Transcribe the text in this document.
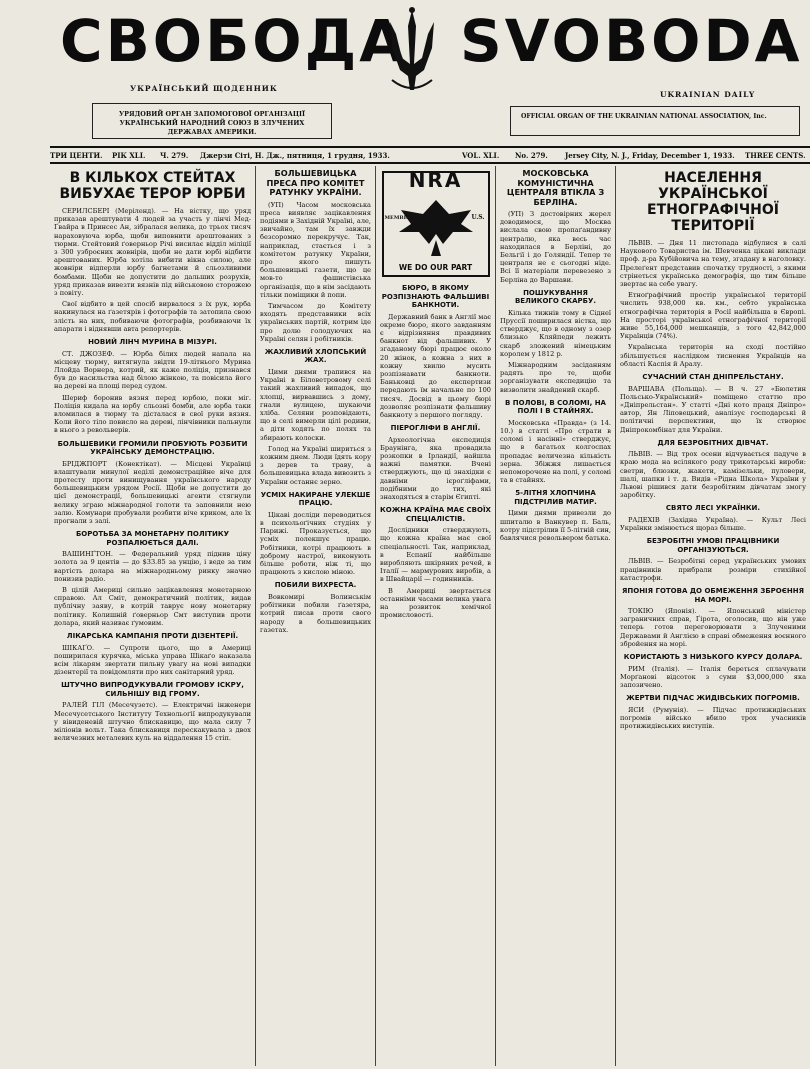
СВОБОДА SVOBODA
УКРАЇНСЬКИЙ ЩОДЕННИК
UKRAINIAN DAILY
УРЯДОВИЙ ОРГАН ЗАПОМОГОВОЇ ОРГАНІЗАЦІЇ УКРАЇНСЬКИЙ НАРОДНИЙ СОЮЗ В ЗЛУЧЕНИХ ДЕРЖАВАХ АМЕРИКИ.
OFFICIAL ORGAN OF THE UKRAINIAN NATIONAL ASSOCIATION, Inc.
ТРИ ЦЕНТИ. РІК XLI. Ч. 279. Джерзи Сіті, Н. Дж., пятниця, 1 грудня, 1933.	VOL. XLI. No. 279. Jersey City, N. J., Friday, December 1, 1933. THREE CENTS.
В КІЛЬКОХ СТЕЙТАХ ВИБУХАЄ ТЕРОР ЮРБИ

СЕРИЛСБЕРІ (Меріленд). — На вістку, що уряд приказав арештувати 4 людей за участь у лінчі Мед-Ґвайра в Принсес Ан, зібралася велика, до трьох тисяч нараховуюча юрба, щоби виповнити арештованих з тюрми. Стейтовий ґоверньор Річі висилає відділ міліції з 300 узброєних жовнірів, щоби не дати юрбі відбити арештованих. Юрба хотіла вибити вікна силою, але жовніри відперли юрбу багнетами й сльозливими бомбами. Щоби не допустити до дальших розрухів, уряд приказав вивезти вязнів під військовою сторожею з повіту.

Свої відбито в цей спосіб вирвалося з їх рук, юрба накинулася на ґазетярів і фотографів та затопила свою злість на них, побиваючи фотографів, розбиваючи їх апарати і віднявши авта репортерів.

НОВИЙ ЛІНЧ МУРИНА В МІЗУРІ.

СТ. ДЖОЗЕФ. — Юрба білих людей напала на місцеву тюрму, витягнула звідти 19-літнього Мурина Ллойда Ворнера, котрий, як каже поліція, признався був до насильства над білою жінкою, та повісила його на дереві на площі перед судом.

Шериф боронив вязня перед юрбою, поки міг. Поліція кидала на юрбу сльозні бомби, але юрба таки вломилася в тюрму та дісталася в свої руки вязня. Коли його тіло повисло на дереві, лінчівники пальнули в нього з револьверів.

БОЛЬШЕВИКИ ГРОМИЛИ ПРОБУЮТЬ РОЗБИТИ УКРАЇНСЬКУ ДЕМОНСТРАЦІЮ.

БРІДЖПОРТ (Конектікат). — Місцеві Українці влаштували минулої неділі демонстраційне віче для протесту проти винищування українського народу большевицьким урядом Росії. Щоби не допустити до цієї демонстрації, большевицькі агенти стягнули велику зграю міжнародної голоти та заповнили нею залю. Комунари пробували розбити віче криком, але їх прогнали з залі.

БОРОТЬБА ЗА МОНЕТАРНУ ПОЛІТИКУ РОЗПАЛЮЄТЬСЯ ДАЛІ.

ВАШИНҐТОН. — Федеральний уряд піднив ціну золота за 9 центів — до $33.85 за унцію, і веде за тим вартість долара на міжнародньому ринку значно понизив радіо.

В цілій Америці сильно зацікавлення монетарною справою. Ал Сміт, демократичний політик, видав публічну заяву, в котрій таврує нову монетарну політику. Колишній ґоверньор Смт виступив проти долара, який називає ґумовим.

ЛІКАРСЬКА КАМПАНІЯ ПРОТИ ДІЗЕНТЕРІЇ.

ШІКАҐО. — Супроти цього, що в Америці поширилася курячка, міська управа Шікаґо наказала всім лікарям звертати пильну увагу на нові випадки дізентерії та повідомляти про них санітарний уряд.

ШТУЧНО ВИПРОДУКУВАЛИ ГРОМОВУ ІСКРУ, СИЛЬНІШУ ВІД ГРОМУ.

РАЛЕЙ ГІЛ (Месечузетс). — Електричні інженери Месечусетського Інституту Технольоґії випродукували у вівиденевій штучно блискавицю, що мала силу 7 міліонів вольт. Така блискавиця перескакувала з двох величезних металевих куль на віддалення 15 стіп.

БОЛЬШЕВИЦЬКА ПРЕСА ПРО КОМІТЕТ РАТУНКУ УКРАЇНИ.

(УП) Часом московська преса виявляє зацікавлення подіями в Західній Україні, але, звичайно, там їх завжди безсоромно перекручує. Так, наприклад, стається і з комітетом ратунку України, про якого пишуть большевицькі газети, що це мов-то фашистівська організація, що в нім засідають тільки поміщики й попи.

Тимчасом до Комітету входять представники всіх українських партій, котрим іде про долю голодуючих на Україні селян і робітників.

ЖАХЛИВИЙ ХЛОПСЬКИЙ ЖАХ.

Цими днями трапився на Україні в Біловетровому селі такий жахливий випадок, що хлопці, вирвавшись з дому, гнали вулицею, шукаючи хліба. Селяни розповідають, що в селі вимерли цілі родини, а діти ходять по полях та збирають колоски.

Голод на Україні шириться з кожним днем. Люди їдять кору з дерев та траву, а большевицька влада вивозить з України останнє зерно.

УСМІХ НАКИРАНЕ УЛЕКШЕ ПРАЦЮ.

Цікаві досліди переводиться в психольоґічних студіях у Парижі. Проказується, що усміх полекшує працю. Робітники, котрі працюють в доброму настрої, виконують більше роботи, ніж ті, що працюють з кислою міною.

ПОБИЛИ ВИХРЕСТА.

Вовкомирі Волинськім робітники побили ґазетяра, котрий писав проти свого народу в большевицьких газетах.

NRA
MEMBER	U.S.
WE DO OUR PART
БЮРО, В ЯКОМУ РОЗПІЗНАЮТЬ ФАЛЬШИВІ БАНКНОТИ.

Державний банк в Англії має окреме бюро, якого завданням є відрізняння правдивих банкнот від фальшивих. У згаданому бюрі працює около 20 жінок, а кожна з них в кожну хвилю мусить розпізнавати банкноти. Баньковці до експертизи передають їм начальне по 100 тисяч. Досвід в цьому бюрі дозволяє розпізнати фальшиву банкноту з першого погляду.

ПІЕРОГЛІФИ В АНГЛІЇ.

Археологічна експедиція Браунінга, яка провадила розкопки в Ірландії, найшла важні памятки. Вчені стверджують, що ці знахідки є давніми ієроґліфами, подібними до тих, які знаходяться в старім Єгипті.

КОЖНА КРАЇНА МАЄ СВОЇХ СПЕЦІАЛІСТІВ.

Дослідники стверджують, що кожна країна має свої спеціальності. Так, наприклад, в Еспанії найбільше виробляють шкіряних речей, в Італії — мармурових виробів, а в Швайцарії — годинників.

В Америці звертається останніми часами велика увага на розвиток хемічної промисловості.

МОСКОВСЬКА КОМУНІСТИЧНА ЦЕНТРАЛЯ ВТІКЛА З БЕРЛІНА.

(УП) З достовірних жерел доводимося, що Москва вислала свою пропаґандивну централю, яка весь час находилася в Берліні, до Бельгії і до Голяндії. Тепер те централя не є сьогодні ніде. Всі її матеріали перевезено з Берліна до Варшави.

ПОШУКУВАННЯ ВЕЛИКОГО СКАРБУ.

Кілька тижнів тому в Сіднеї Пруссії поширилася вістка, що стверджує, що в одному з озер близько Кляйпеди лежить скарб зложений німецьким королем у 1812 р.

Міжнародним засіданням радять про те, щоби зорганізувати експедицію та визволити знайдений скарб.

В ПОЛОВІ, В СОЛОМІ, НА ПОЛІ І В СТАЙНЯХ.

Московська «Правда» (з 14. 10.) в статті «Про страти в соломі і насінні» стверджує, що в багатьох колгоспах пропадає величезна кількість зерна. Збіжжя лишається непоморочене на полі, у соломі та в стайнях.

5-ЛІТНЯ ХЛОПЧИНА ПІДСТРІЛИВ МАТИР.

Цими днями привезли до шпиталю в Ванкувер п. Баль, котру підстрілив її 5-літній син, бавлячися револьвером батька.

НАСЕЛЕННЯ УКРАЇНСЬКОЇ ЕТНОГРАФІЧНОЇ ТЕРИТОРІЇ

ЛЬВІВ. — Дня 11 листопада відбулися в салі Наукового Товариства ім. Шевченка цікаві виклади проф. д-ра Кубійовича на тему, згадану в наголовку. Прелеґент представив спочатку трудності, з якими стрінеться українська демографія, що тим більше звертає на себе увагу.

Етноґрафічний простір української території числить 938,000 кв. км., себто українська етнографічна територія в Росії найбільша в Європі. На просторі української етнографічної території живе 55,164,000 мешканців, з того 42,842,000 Українців (74%).

Українська територія на сході постійно збільшується наслідком тиснення Українців на області Каспія й Аралу.

СУЧАСНИЙ СТАН ДНІПРЕЛЬСТАНУ.

ВАРШАВА (Польща). — В ч. 27 «Бюлетин Польсько-Український» поміщено статтю про «Дніпрельстан». У статті «Дні кото праця Дніпрo» автор, Ян Ліповецький, аналізує господарські й політичні перспективи, що їх створює Дніпрокомбінат для України.

ДЛЯ БЕЗРОБІТНИХ ДІВЧАТ.

ЛЬВІВ. — Від трох осени відчувається падуче в краю мода на всілякого роду трикотарські вироби: светри, блюзки, жакети, камізельки, пуловери, шалі, шапки і т. д. Видів «Рідна Школа» України у Львові рішився дати безробітним дівчатам змогу заробітку.

СВЯТО ЛЕСІ УКРАЇНКИ.

РАДЕХІВ (Західна Україна). — Культ Лесі Українки змінюється щораз більше.

БЕЗРОБІТНІ УМОВІ ПРАЦІВНИКИ ОРГАНІЗУЮТЬСЯ.

ЛЬВІВ. — Безробітні серед українських умових працівників прибрали розміри стихійної катастрофи.

ЯПОНІЯ ГОТОВА ДО ОБМЕЖЕННЯ ЗБРОЄННЯ НА МОРІ.

ТОКІЮ (Японія). — Японський міністер заграничних справ, Ґірота, оголосив, що він уже теперь готов переговорювати з Злученими Державами й Англією в справі обмеження воєнного збройення на морі.

КОРИСТАЮТЬ З НИЗЬКОГО КУРСУ ДОЛАРА.

РИМ (Італія). — Італія береться сплачувати Морґанові відсоток з суми $3,000,000 яка запозичено.

ЖЕРТВИ ПІДЧАС ЖИДІВСЬКИХ ПОГРОМІВ.

ЯСИ (Румунія). — Підчас протижидівських погромів військо вбило трох учасників протижидівських виступів.
